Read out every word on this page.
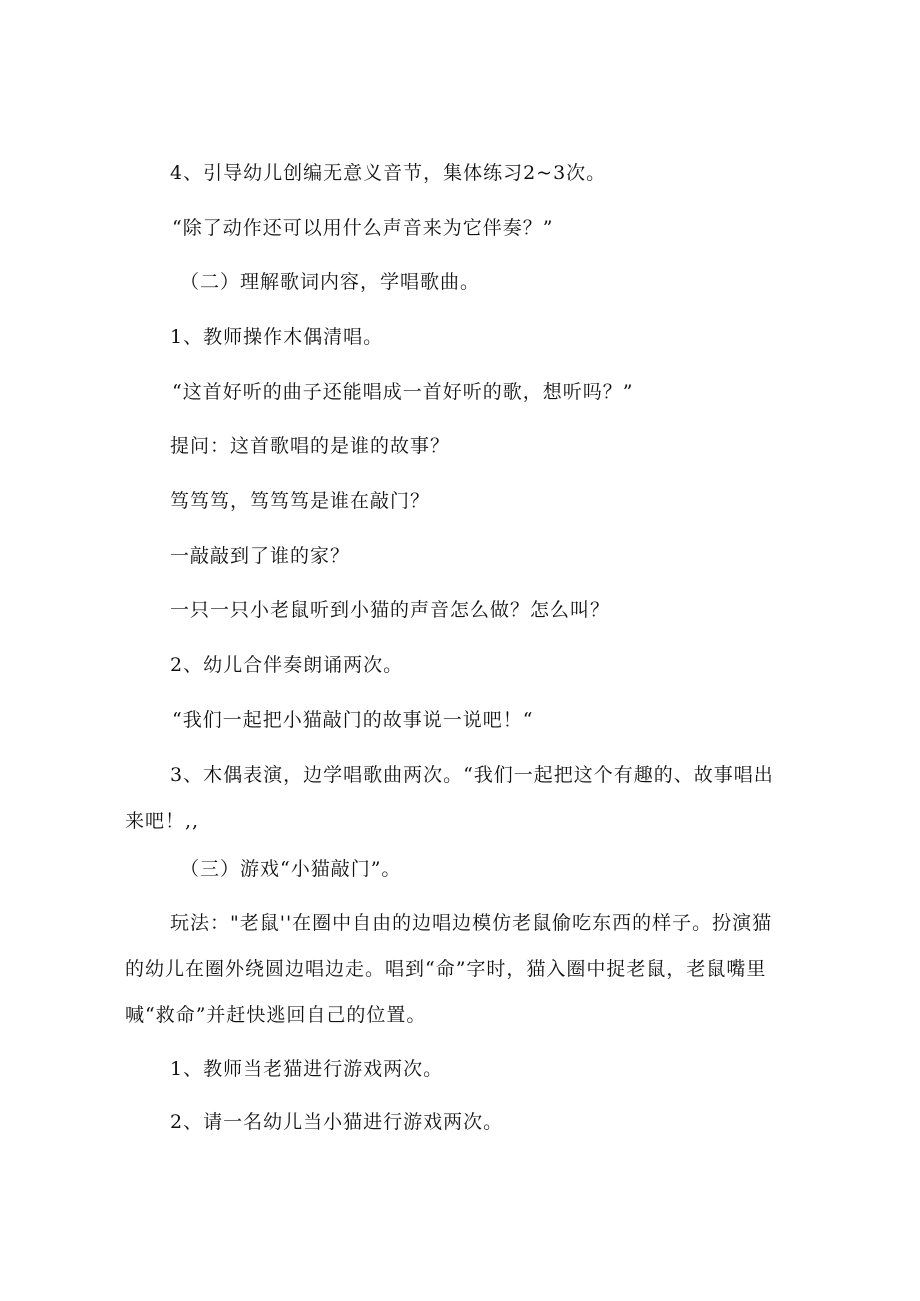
4、引导幼儿创编无意义音节，集体练习2~3次。
“除了动作还可以用什么声音来为它伴奏？”
（二）理解歌词内容，学唱歌曲。
1、教师操作木偶清唱。
“这首好听的曲子还能唱成一首好听的歌，想听吗？”
提问：这首歌唱的是谁的故事？
笃笃笃，笃笃笃是谁在敲门？
一敲敲到了谁的家？
一只一只小老鼠听到小猫的声音怎么做？怎么叫？
2、幼儿合伴奏朗诵两次。
“我们一起把小猫敲门的故事说一说吧！“
3、木偶表演，边学唱歌曲两次。“我们一起把这个有趣的、故事唱出
来吧！,,
（三）游戏“小猫敲门”。
玩法："老鼠''在圈中自由的边唱边模仿老鼠偷吃东西的样子。扮演猫
的幼儿在圈外绕圆边唱边走。唱到“命”字时，猫入圈中捉老鼠，老鼠嘴里
喊“救命”并赶快逃回自己的位置。
1、教师当老猫进行游戏两次。
2、请一名幼儿当小猫进行游戏两次。
